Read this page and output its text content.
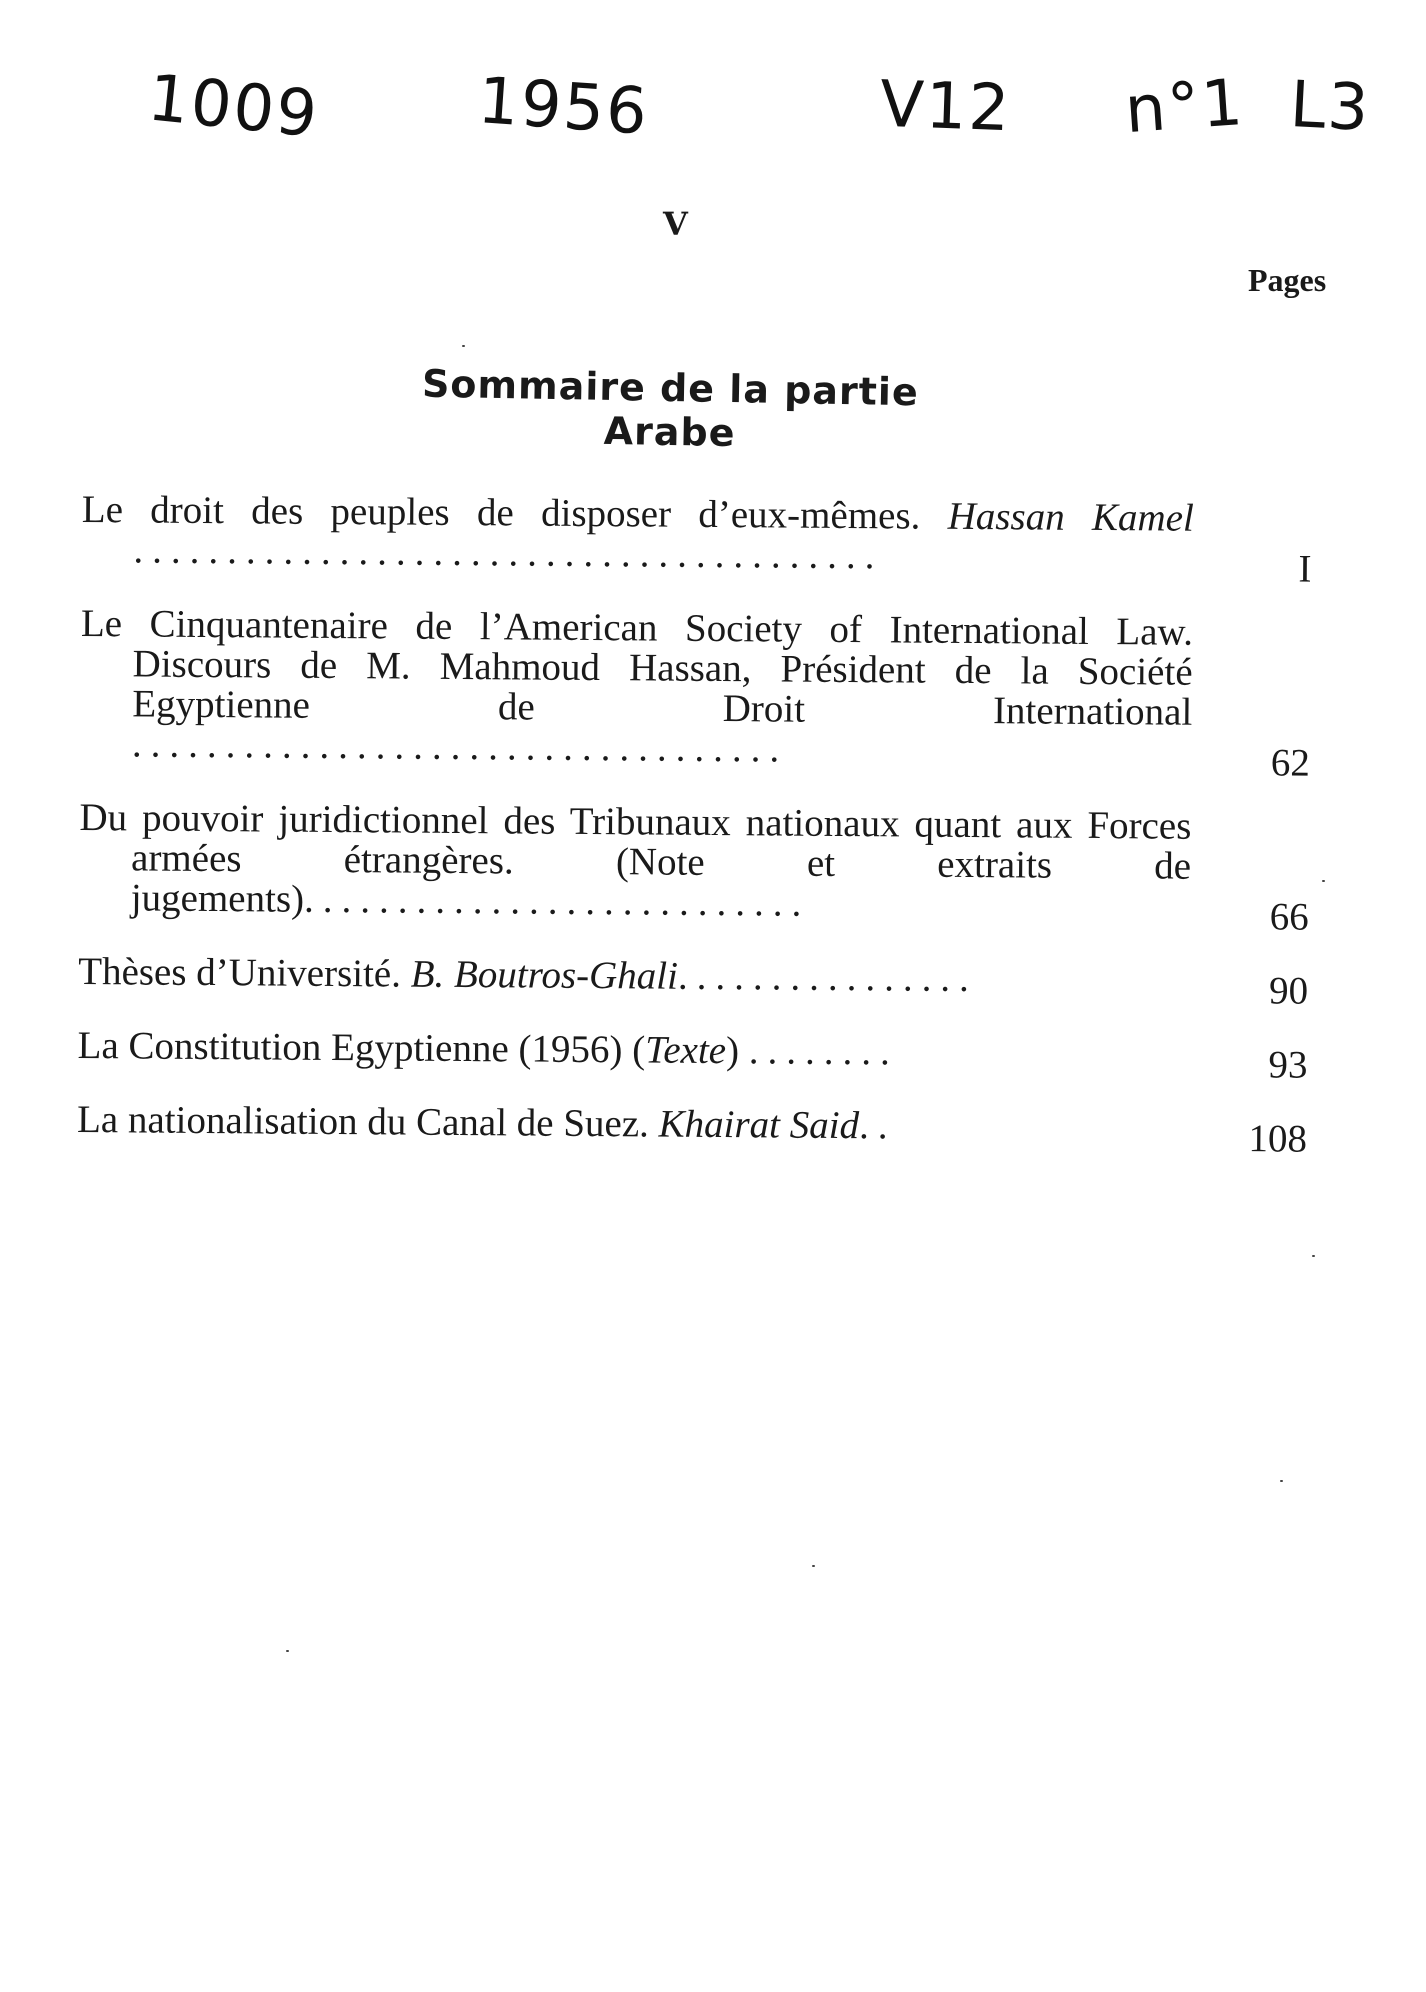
1009 1956	V12 n°1 L3
V
Pages
Sommaire de la partie Arabe
Le droit des peuples de disposer d’eux-mêmes. Hassan Kamel ........................................	I
Le Cinquantenaire de l’American Society of International Law. Discours de M. Mahmoud Hassan, Président de la Société Egyptienne de Droit International ...................................	62
Du pouvoir juridictionnel des Tribunaux nationaux quant aux Forces armées étrangères. (Note et extraits de jugements)...........................	66
Thèses d’Université. B. Boutros-Ghali................	90
La Constitution Egyptienne (1956) (Texte) ........	93
La nationalisation du Canal de Suez. Khairat Said..	108
